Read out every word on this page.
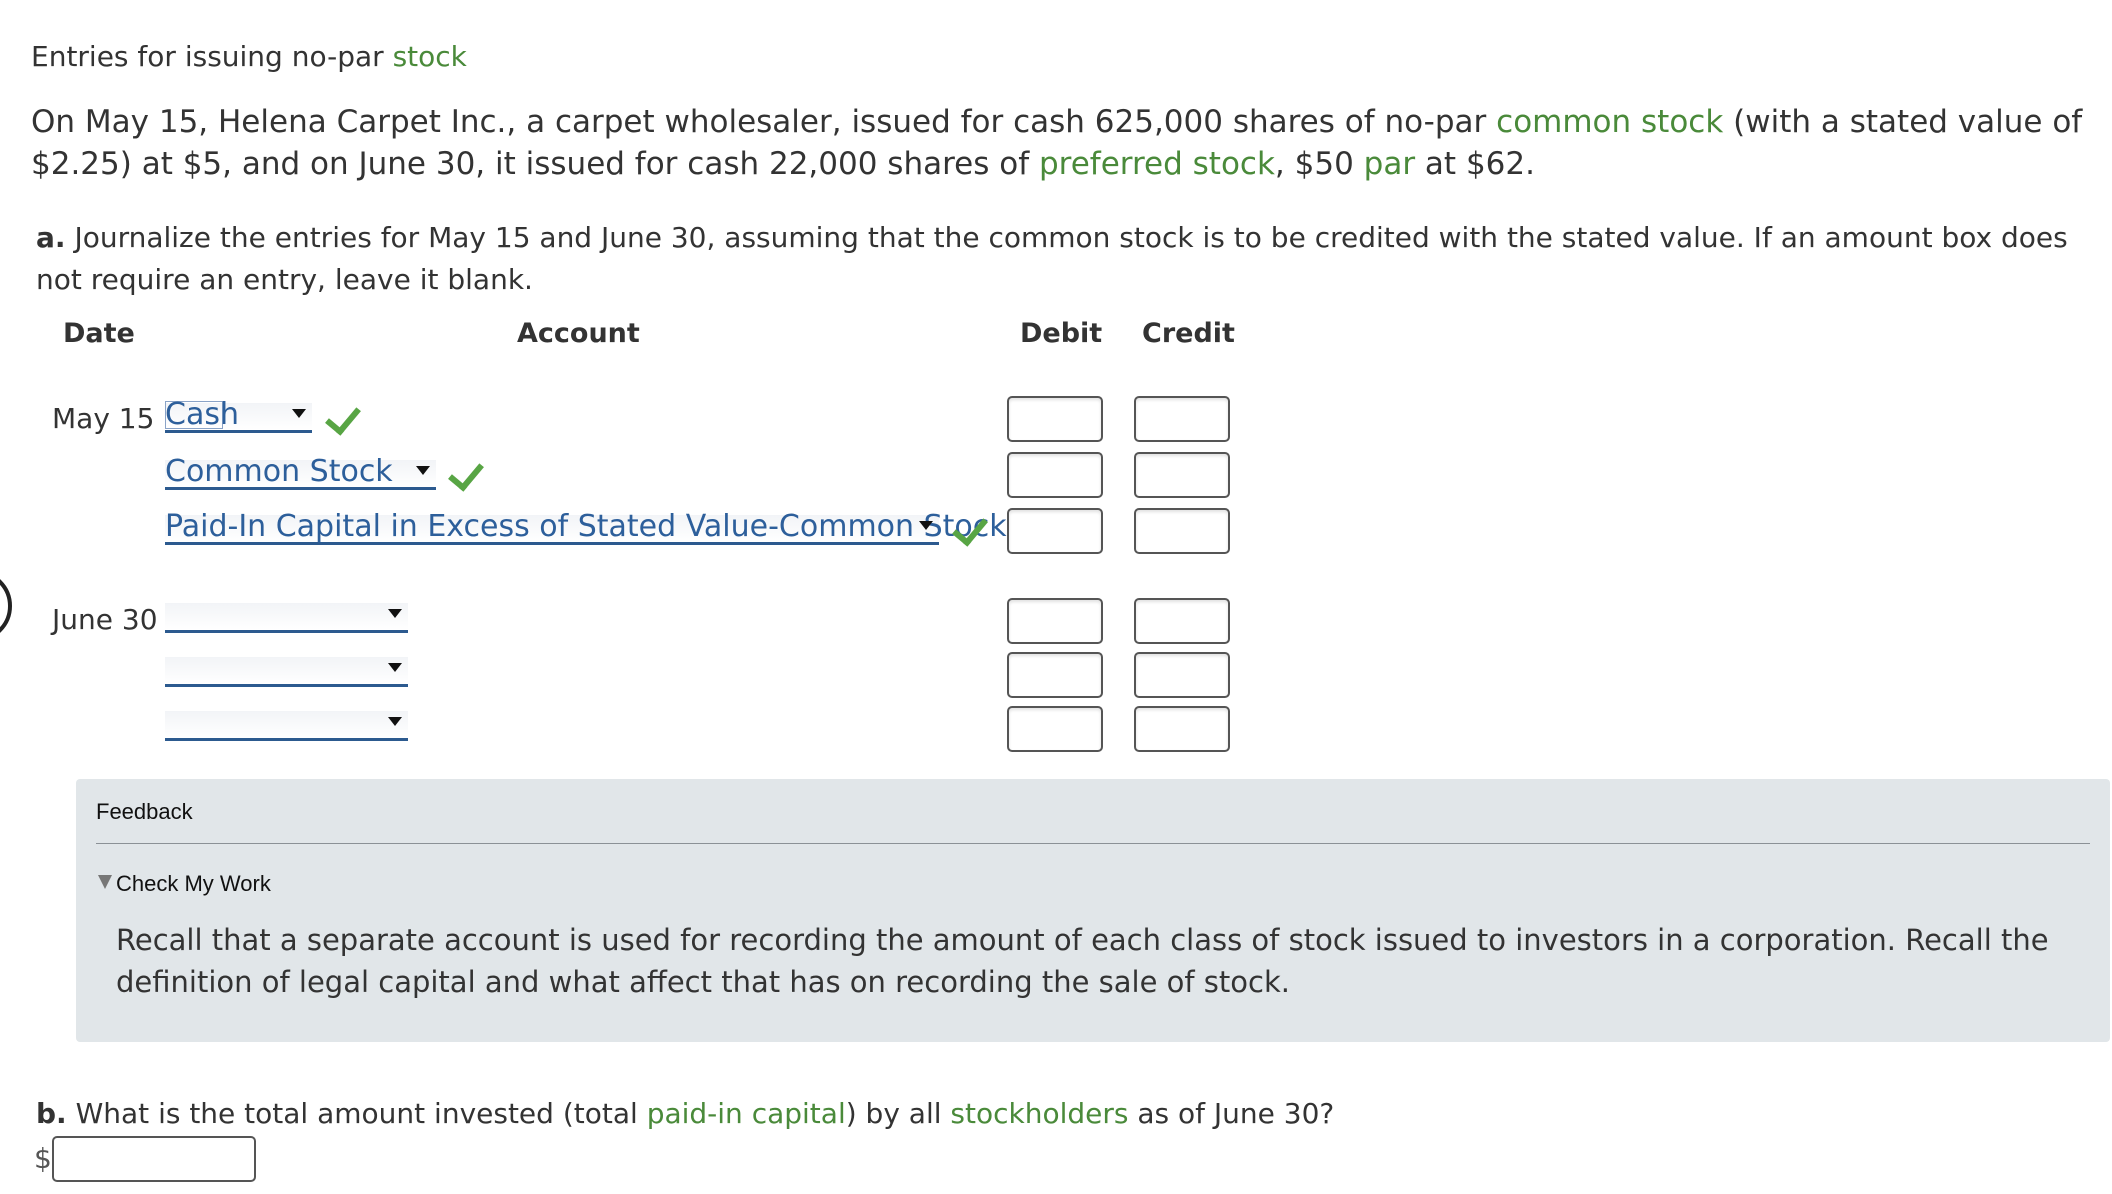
Entries for issuing no-par stock
On May 15, Helena Carpet Inc., a carpet wholesaler, issued for cash 625,000 shares of no-par common stock (with a stated value of $2.25) at $5, and on June 30, it issued for cash 22,000 shares of preferred stock, $50 par at $62.
a. Journalize the entries for May 15 and June 30, assuming that the common stock is to be credited with the stated value. If an amount box does not require an entry, leave it blank.
Date	Account	Debit Credit
May 15 Cash
Common Stock
Paid-In Capital in Excess of Stated Value-Common Stock
June 30
Feedback
Check My Work
Recall that a separate account is used for recording the amount of each class of stock issued to investors in a corporation. Recall the definition of legal capital and what affect that has on recording the sale of stock.
b. What is the total amount invested (total paid-in capital) by all stockholders as of June 30?
$
